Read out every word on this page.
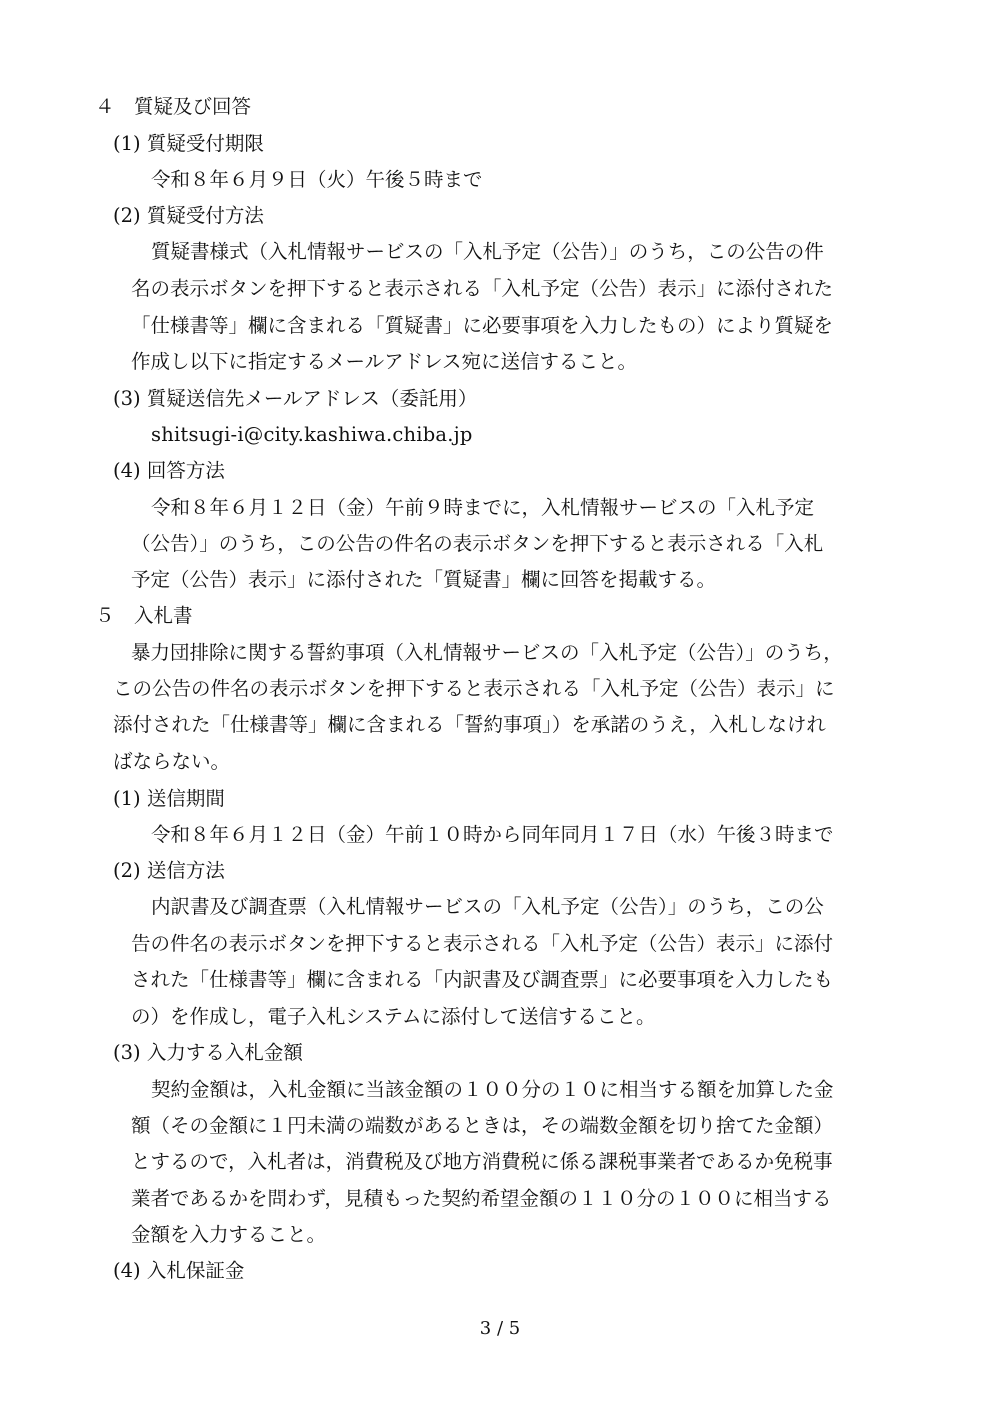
４　質疑及び回答
(1) 質疑受付期限
令和８年６月９日（火）午後５時まで
(2) 質疑受付方法
質疑書様式（入札情報サービスの「入札予定（公告）」のうち，この公告の件
名の表示ボタンを押下すると表示される「入札予定（公告）表示」に添付された
「仕様書等」欄に含まれる「質疑書」に必要事項を入力したもの）により質疑を
作成し以下に指定するメールアドレス宛に送信すること。
(3) 質疑送信先メールアドレス（委託用）
shitsugi-i@city.kashiwa.chiba.jp
(4) 回答方法
令和８年６月１２日（金）午前９時までに，入札情報サービスの「入札予定
（公告）」のうち，この公告の件名の表示ボタンを押下すると表示される「入札
予定（公告）表示」に添付された「質疑書」欄に回答を掲載する。
５　入札書
暴力団排除に関する誓約事項（入札情報サービスの「入札予定（公告）」のうち，
この公告の件名の表示ボタンを押下すると表示される「入札予定（公告）表示」に
添付された「仕様書等」欄に含まれる「誓約事項」）を承諾のうえ，入札しなけれ
ばならない。
(1) 送信期間
令和８年６月１２日（金）午前１０時から同年同月１７日（水）午後３時まで
(2) 送信方法
内訳書及び調査票（入札情報サービスの「入札予定（公告）」のうち，この公
告の件名の表示ボタンを押下すると表示される「入札予定（公告）表示」に添付
された「仕様書等」欄に含まれる「内訳書及び調査票」に必要事項を入力したも
の）を作成し，電子入札システムに添付して送信すること。
(3) 入力する入札金額
契約金額は，入札金額に当該金額の１００分の１０に相当する額を加算した金
額（その金額に１円未満の端数があるときは，その端数金額を切り捨てた金額）
とするので，入札者は，消費税及び地方消費税に係る課税事業者であるか免税事
業者であるかを問わず，見積もった契約希望金額の１１０分の１００に相当する
金額を入力すること。
(4) 入札保証金
3 / 5
